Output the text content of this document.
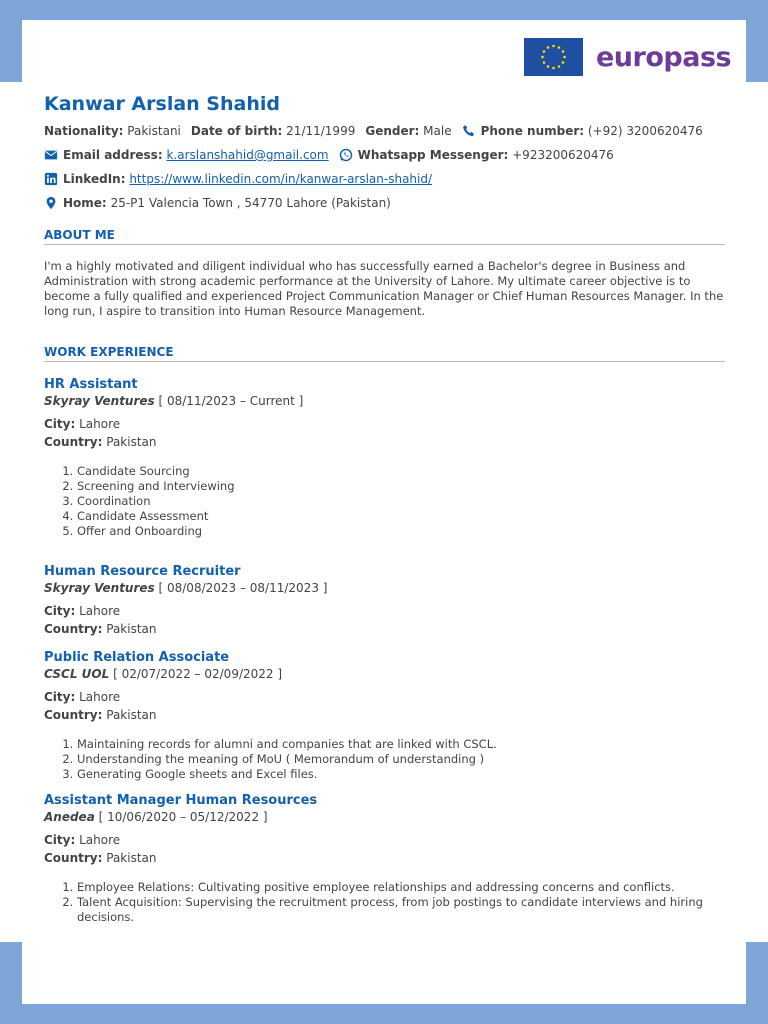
europass
Kanwar Arslan Shahid
Nationality:
Pakistani Date of birth:
21/11/1999 Gender:
Male Phone number:
(+92) 3200620476
Email address:
k.arslanshahid@gmail.com Whatsapp Messenger:
+923200620476
LinkedIn:
https://www.linkedin.com/in/kanwar-arslan-shahid/
Home:
25-P1 Valencia Town , 54770 Lahore (Pakistan)
ABOUT ME
I'm a highly motivated and diligent individual who has successfully earned a Bachelor's degree in Business and Administration with strong academic performance at the University of Lahore. My ultimate career objective is to become a fully qualified and experienced Project Communication Manager or Chief Human Resources Manager. In the long run, I aspire to transition into Human Resource Management.
WORK EXPERIENCE
HR Assistant
Skyray Ventures [ 08/11/2023 – Current ]
City: Lahore
Country: Pakistan
1. Candidate Sourcing
2. Screening and Interviewing
3. Coordination
4. Candidate Assessment
5. Offer and Onboarding
Human Resource Recruiter
Skyray Ventures [ 08/08/2023 – 08/11/2023 ]
City: Lahore
Country: Pakistan
Public Relation Associate
CSCL UOL [ 02/07/2022 – 02/09/2022 ]
City: Lahore
Country: Pakistan
1. Maintaining records for alumni and companies that are linked with CSCL.
2. Understanding the meaning of MoU ( Memorandum of understanding )
3. Generating Google sheets and Excel files.
Assistant Manager Human Resources
Anedea [ 10/06/2020 – 05/12/2022 ]
City: Lahore
Country: Pakistan
1. Employee Relations: Cultivating positive employee relationships and addressing concerns and conflicts.
2. Talent Acquisition: Supervising the recruitment process, from job postings to candidate interviews and hiring decisions.
